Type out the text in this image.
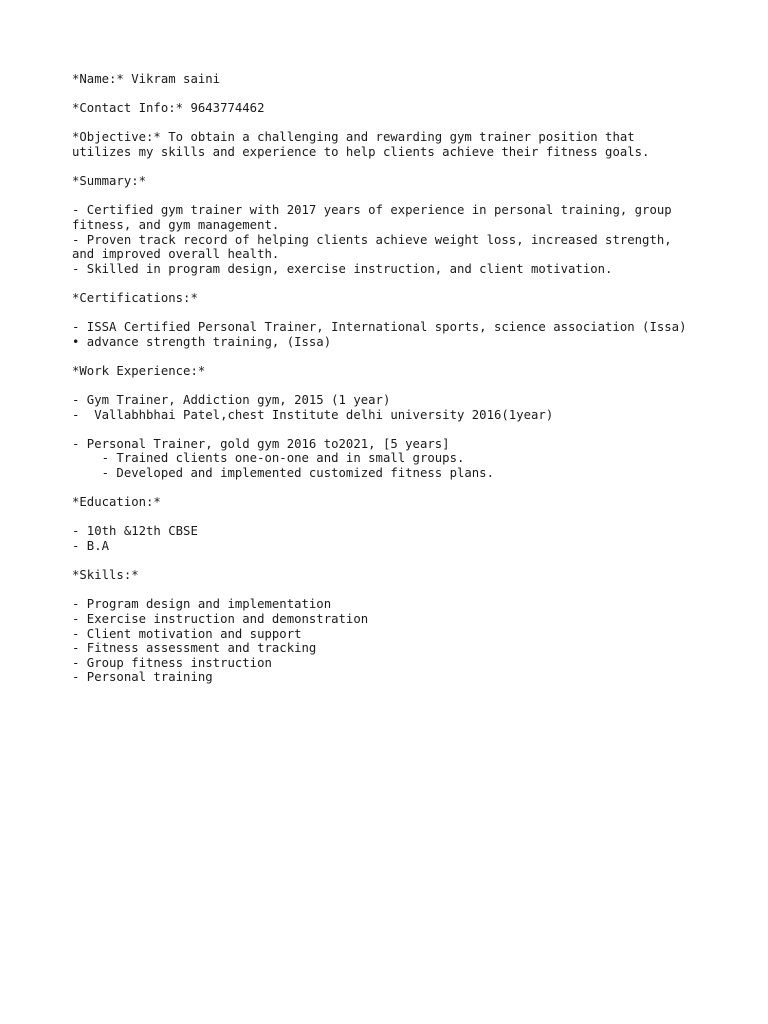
*Name:* Vikram saini
*Contact Info:* 9643774462
*Objective:* To obtain a challenging and rewarding gym trainer position that
utilizes my skills and experience to help clients achieve their fitness goals.
*Summary:*
- Certified gym trainer with 2017 years of experience in personal training, group
fitness, and gym management.
- Proven track record of helping clients achieve weight loss, increased strength,
and improved overall health.
- Skilled in program design, exercise instruction, and client motivation.
*Certifications:*
- ISSA Certified Personal Trainer, International sports, science association (Issa)
• advance strength training, (Issa)
*Work Experience:*
- Gym Trainer, Addiction gym, 2015 (1 year)
-  Vallabhbhai Patel,chest Institute delhi university 2016(1year)
- Personal Trainer, gold gym 2016 to2021, [5 years]
- Trained clients one-on-one and in small groups.
- Developed and implemented customized fitness plans.
*Education:*
- 10th &12th CBSE
- B.A
*Skills:*
- Program design and implementation
- Exercise instruction and demonstration
- Client motivation and support
- Fitness assessment and tracking
- Group fitness instruction
- Personal training
